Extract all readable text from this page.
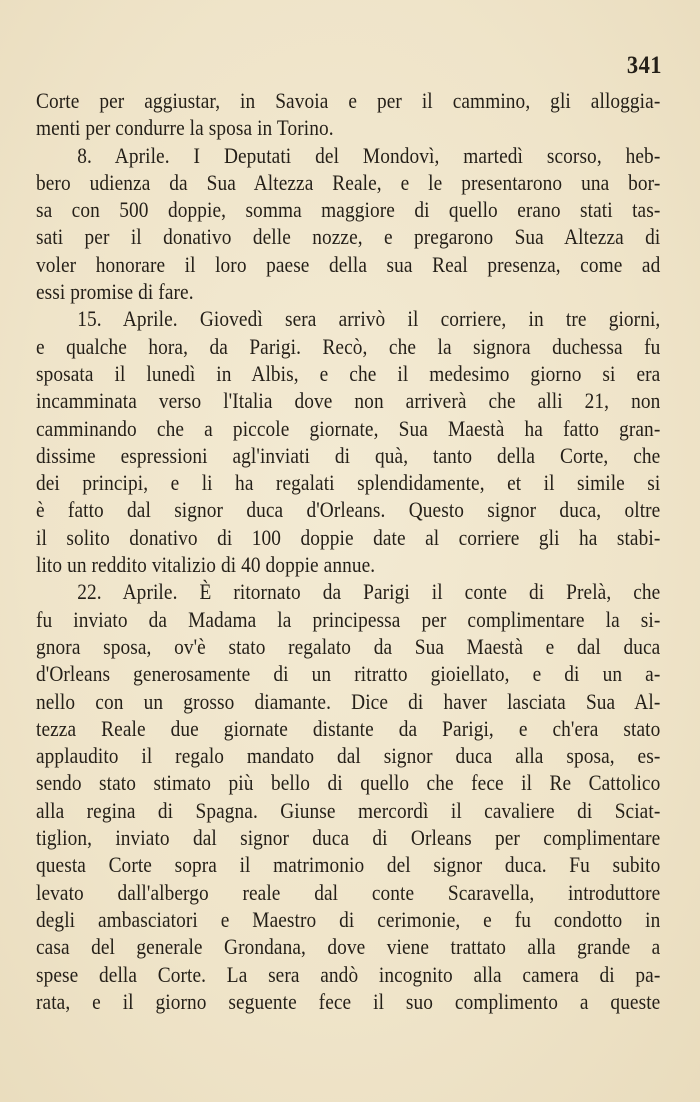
341
Corte per aggiustar, in Savoia e per il cammino, gli alloggia-
menti per condurre la sposa in Torino.
8. Aprile. I Deputati del Mondovì, martedì scorso, heb-
bero udienza da Sua Altezza Reale, e le presentarono una bor-
sa con 500 doppie, somma maggiore di quello erano stati tas-
sati per il donativo delle nozze, e pregarono Sua Altezza di
voler honorare il loro paese della sua Real presenza, come ad
essi promise di fare.
15. Aprile. Giovedì sera arrivò il corriere, in tre giorni,
e qualche hora, da Parigi. Recò, che la signora duchessa fu
sposata il lunedì in Albis, e che il medesimo giorno si era
incamminata verso l'Italia dove non arriverà che alli 21, non
camminando che a piccole giornate, Sua Maestà ha fatto gran-
dissime espressioni agl'inviati di quà, tanto della Corte, che
dei principi, e li ha regalati splendidamente, et il simile si
è fatto dal signor duca d'Orleans. Questo signor duca, oltre
il solito donativo di 100 doppie date al corriere gli ha stabi-
lito un reddito vitalizio di 40 doppie annue.
22. Aprile. È ritornato da Parigi il conte di Prelà, che
fu inviato da Madama la principessa per complimentare la si-
gnora sposa, ov'è stato regalato da Sua Maestà e dal duca
d'Orleans generosamente di un ritratto gioiellato, e di un a-
nello con un grosso diamante. Dice di haver lasciata Sua Al-
tezza Reale due giornate distante da Parigi, e ch'era stato
applaudito il regalo mandato dal signor duca alla sposa, es-
sendo stato stimato più bello di quello che fece il Re Cattolico
alla regina di Spagna. Giunse mercordì il cavaliere di Sciat-
tiglion, inviato dal signor duca di Orleans per complimentare
questa Corte sopra il matrimonio del signor duca. Fu subito
levato dall'albergo reale dal conte Scaravella, introduttore
degli ambasciatori e Maestro di cerimonie, e fu condotto in
casa del generale Grondana, dove viene trattato alla grande a
spese della Corte. La sera andò incognito alla camera di pa-
rata, e il giorno seguente fece il suo complimento a queste
